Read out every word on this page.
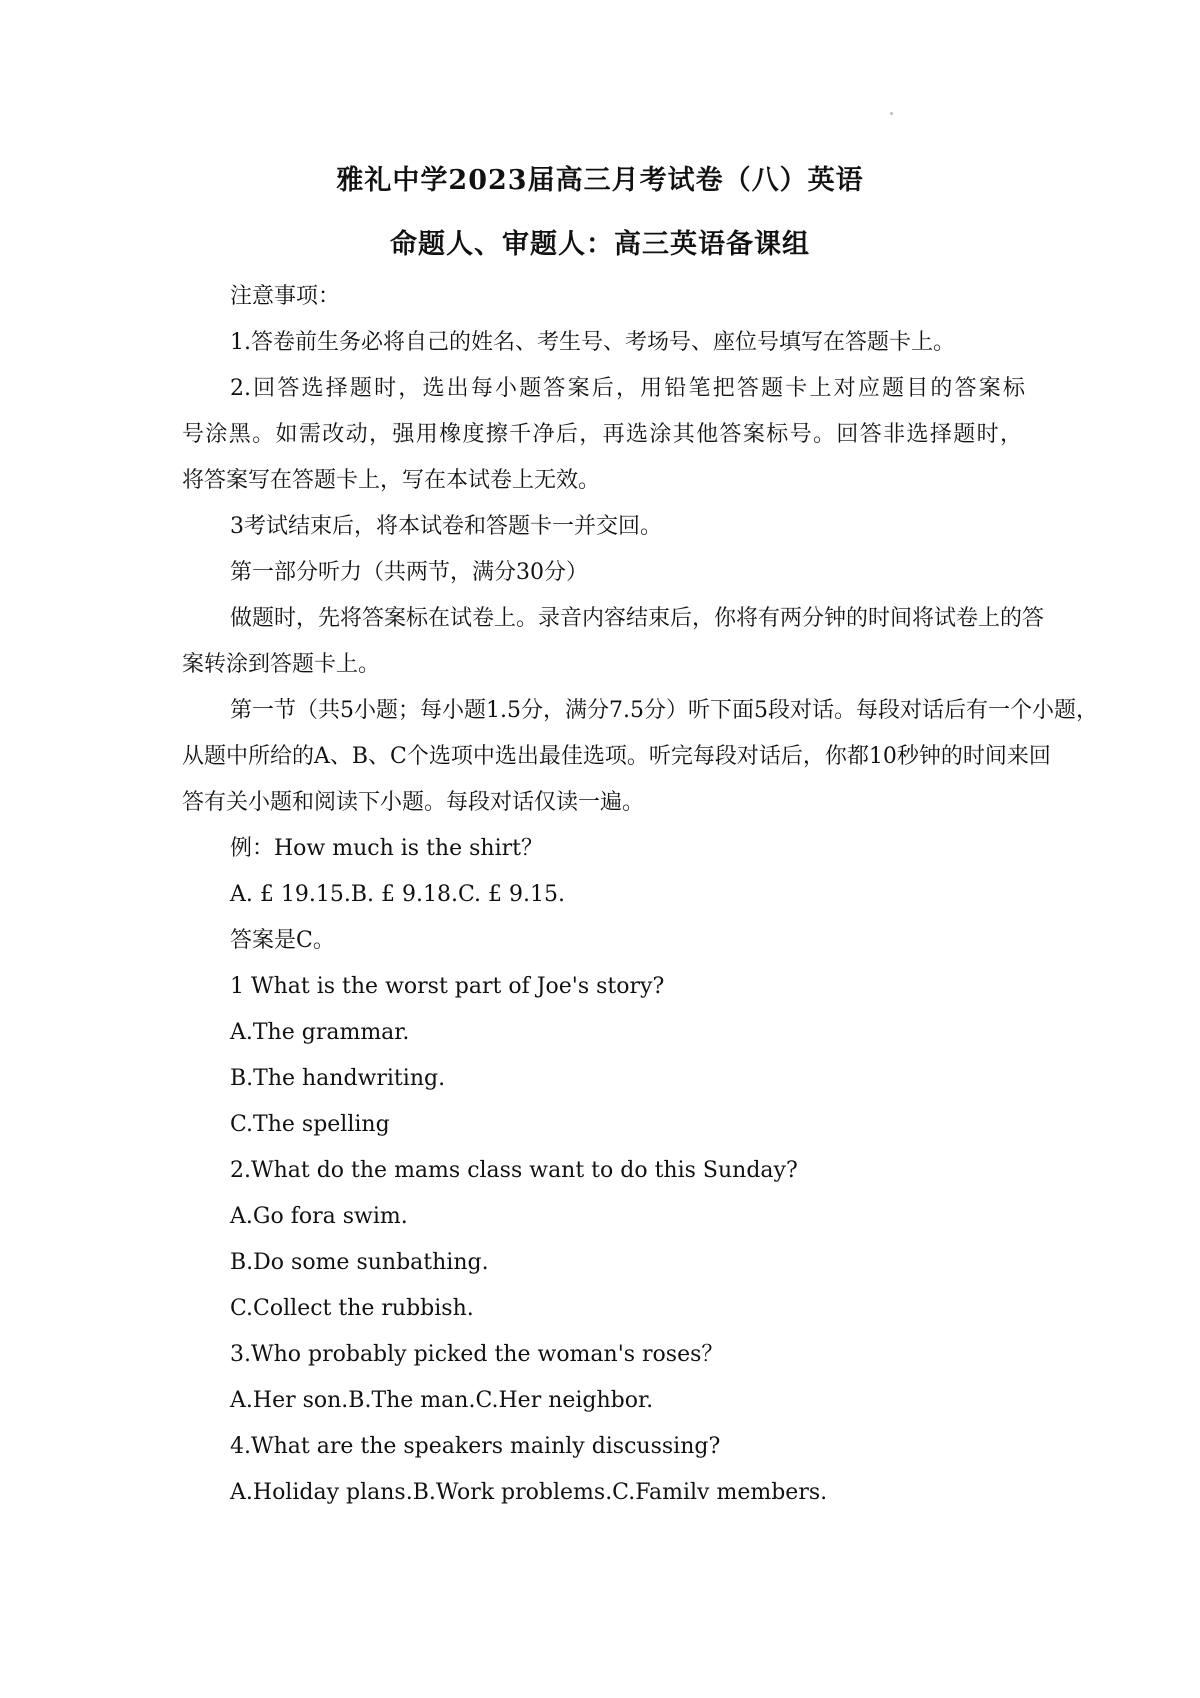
雅礼中学2023届高三月考试卷（八）英语
命题人、审题人：高三英语备课组
注意事项：
1.答卷前生务必将自己的姓名、考生号、考场号、座位号填写在答题卡上。
2.回答选择题时，选出每小题答案后，用铅笔把答题卡上对应题目的答案标
号涂黑。如需改动，强用橡度擦千净后，再选涂其他答案标号。回答非选择题时，
将答案写在答题卡上，写在本试卷上无效。
3考试结束后，将本试卷和答题卡一并交回。
第一部分听力（共两节，满分30分）
做题时，先将答案标在试卷上。录音内容结束后，你将有两分钟的时间将试卷上的答
案转涂到答题卡上。
第一节（共5小题；每小题1.5分，满分7.5分）听下面5段对话。每段对话后有一个小题，
从题中所给的A、B、C个选项中选出最佳选项。听完每段对话后，你都10秒钟的时间来回
答有关小题和阅读下小题。每段对话仅读一遍。
例：How much is the shirt？
A. £ 19.15.B. £ 9.18.C. £ 9.15.
答案是C。
1 What is the worst part of Joe's story?
A.The grammar.
B.The handwriting.
C.The spelling
2.What do the mams class want to do this Sunday?
A.Go fora swim.
B.Do some sunbathing.
C.Collect the rubbish.
3.Who probably picked the woman's roses？
A.Her son.B.The man.C.Her neighbor.
4.What are the speakers mainly discussing?
A.Holiday plans.B.Work problems.C.Familv members.
